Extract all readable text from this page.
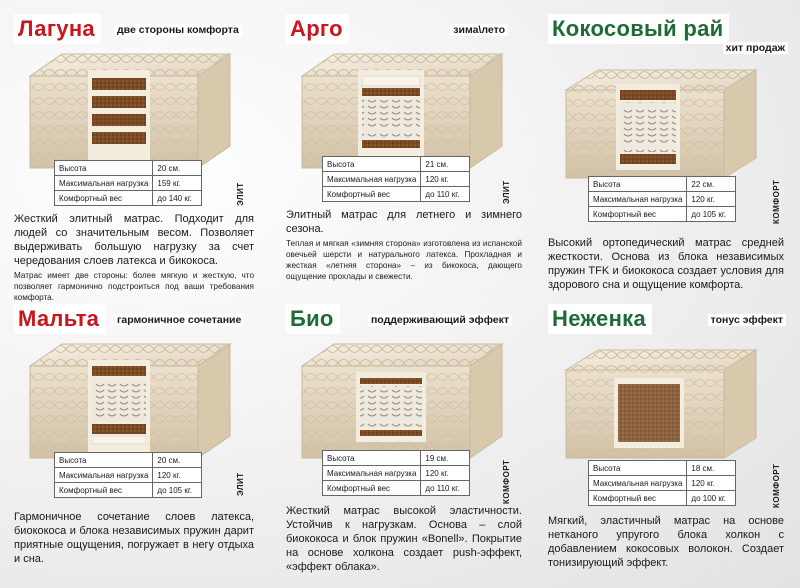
Лагуна	две стороны комфорта
Высота	20 см.
Максимальная нагрузка	159 кг.
Комфортный вес	до 140 кг.	ЭЛИТ
Жесткий элитный матрас. Подходит для людей со значительным весом. Позволяет выдерживать большую нагрузку за счет чередования слоев латекса и бикокоса.
Матрас имеет две стороны: более мягкую и жесткую, что позволяет гармонично подстроиться под ваши требования комфорта.
Арго	зима\лето
Высота	21 см.
Максимальная нагрузка	120 кг.
Комфортный вес	до 110 кг.	ЭЛИТ
Элитный матрас для летнего и зимнего сезона.
Теплая и мягкая «зимняя сторона» изготовлена из испанской овечьей шерсти и натурального латекса. Прохладная и жесткая «летняя сторона» – из бикокоса, дающего ощущение прохлады и свежести.
Кокосовый рай
хит продаж
Высота	22 см.
Максимальная нагрузка	120 кг.
Комфортный вес	до 105 кг.	КОМФОРТ
Высокий ортопедический матрас средней жесткости. Основа из блока независимых пружин TFK и биококоса создает условия для здорового сна и ощущение комфорта.
Мальта	гармоничное сочетание
Высота	20 см.
Максимальная нагрузка	120 кг.
Комфортный вес	до 105 кг.	ЭЛИТ
Гармоничное сочетание слоев латекса, биококоса и блока независимых пружин дарит приятные ощущения, погружает в негу отдыха и сна.
Био	поддерживающий эффект
Высота	19 см.
Максимальная нагрузка	120 кг.
Комфортный вес	до 110 кг.	КОМФОРТ
Жесткий матрас высокой эластичности. Устойчив к нагрузкам. Основа – слой биококоса и блок пружин «Bonell». Покрытие на основе холкона создает push-эффект, «эффект облака».
Неженка	тонус эффект
Высота	18 см.
Максимальная нагрузка	120 кг.
Комфортный вес	до 100 кг.	КОМФОРТ
Мягкий, эластичный матрас на основе нетканого упругого блока холкон с добавлением кокосовых волокон. Создает тонизирующий эффект.
